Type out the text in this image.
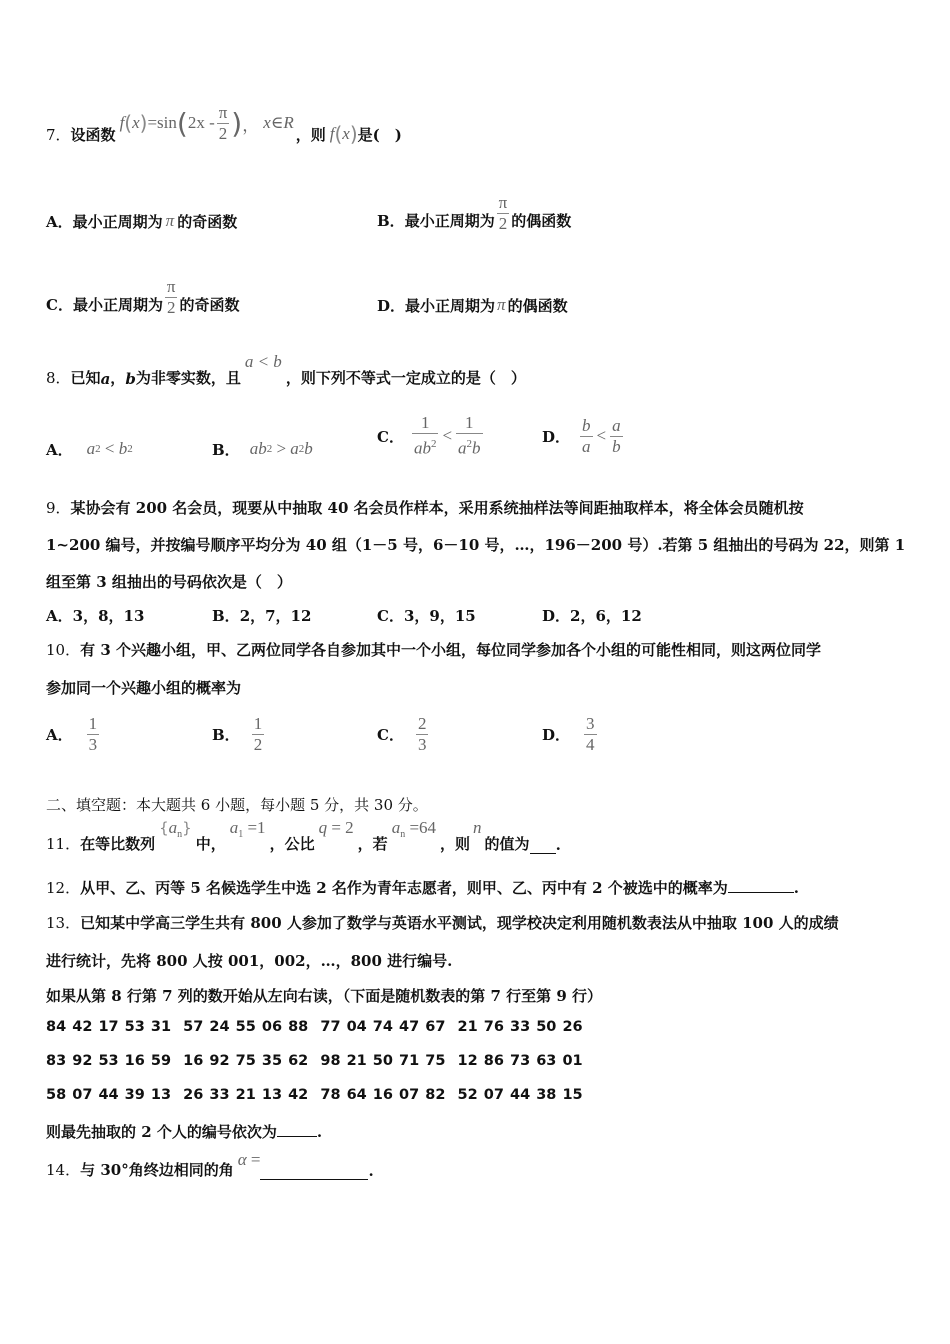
7． 设函数
f ( x ) =sin ( $2x - \frac{\pi}{2}$ ) ， x∈R
，则 f ( x ) 是(　)
A． 最小正周期为 π 的奇函数	B． 最小正周期为 $\frac{\pi}{2}$ 的偶函数
C． 最小正周期为 $\frac{\pi}{2}$ 的奇函数	D． 最小正周期为 π 的偶函数
8． 已知 a ， b 为非零实数，且
a < b
，则下列不等式一定成立的是（　）
A． a 2 < b 2	B． ab 2 > a 2 b
C． $\frac{1}{ab^2} < \frac{1}{a^2b}$	D． $\frac{b}{a} < \frac{a}{b}$
9．某协会有 200 名会员，现要从中抽取 40 名会员作样本，采用系统抽样法等间距抽取样本，将全体会员随机按
1~200 编号，并按编号顺序平均分为 40 组（1－5 号，6－10 号，…，196－200 号）.若第 5 组抽出的号码为 22，则第 1
组至第 3 组抽出的号码依次是（　）
A．3，8，13	B．2，7，12	C．3，9，15	D．2，6，12
10．有 3 个兴趣小组，甲、乙两位同学各自参加其中一个小组，每位同学参加各个小组的可能性相同，则这两位同学
参加同一个兴趣小组的概率为
A． $\frac{1}{3}$	B． $\frac{1}{2}$	C． $\frac{2}{3}$	D． $\frac{3}{4}$
二、填空题：本大题共 6 小题，每小题 5 分，共 30 分。
11． 在等比数列
$\{a_n\}$
中，
$a_1 =1$
，公比
q = 2
，若
$a_n =64$
，则
n
的值为 .
12． 从甲、乙、丙等 5 名候选学生中选 2 名作为青年志愿者，则甲、乙、丙中有 2 个被选中的概率为	.
13．已知某中学高三学生共有 800 人参加了数学与英语水平测试，现学校决定利用随机数表法从中抽取 100 人的成绩
进行统计，先将 800 人按 001，002，…，800 进行编号.
如果从第 8 行第 7 列的数开始从左向右读，（下面是随机数表的第 7 行至第 9 行）
84 42 17 53 31  57 24 55 06 88  77 04 74 47 67  21 76 33 50 26
83 92 53 16 59  16 92 75 35 62  98 21 50 71 75  12 86 73 63 01
58 07 44 39 13  26 33 21 13 42  78 64 16 07 82  52 07 44 38 15
则最先抽取的 2 个人的编号依次为	.
14． 与 30°角终边相同的角
α =
.
